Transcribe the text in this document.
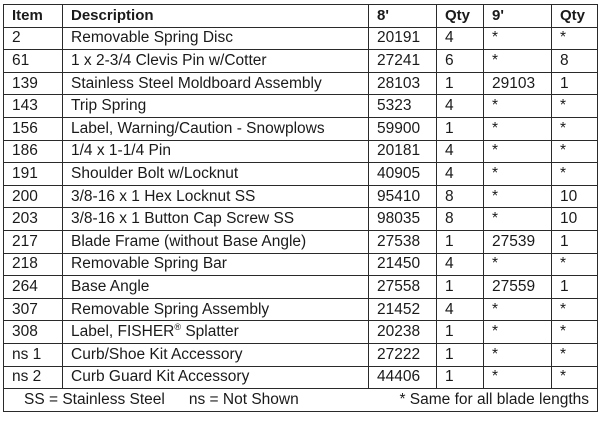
Item	Description	8'	Qty	9'	Qty
2	Removable Spring Disc	20191	4	*	*
61	1 x 2-3/4 Clevis Pin w/Cotter	27241	6	*	8
139	Stainless Steel Moldboard Assembly	28103	1	29103	1
143	Trip Spring	5323	4	*	*
156	Label, Warning/Caution - Snowplows	59900	1	*	*
186	1/4 x 1-1/4 Pin	20181	4	*	*
191	Shoulder Bolt w/Locknut	40905	4	*	*
200	3/8-16 x 1 Hex Locknut SS	95410	8	*	10
203	3/8-16 x 1 Button Cap Screw SS	98035	8	*	10
217	Blade Frame (without Base Angle)	27538	1	27539	1
218	Removable Spring Bar	21450	4	*	*
264	Base Angle	27558	1	27559	1
307	Removable Spring Assembly	21452	4	*	*
308	Label, FISHER® Splatter	20238	1	*	*
ns 1	Curb/Shoe Kit Accessory	27222	1	*	*
ns 2	Curb Guard Kit Accessory	44406	1	*	*

SS = Stainless Steel ns = Not Shown * Same for all blade lengths					
